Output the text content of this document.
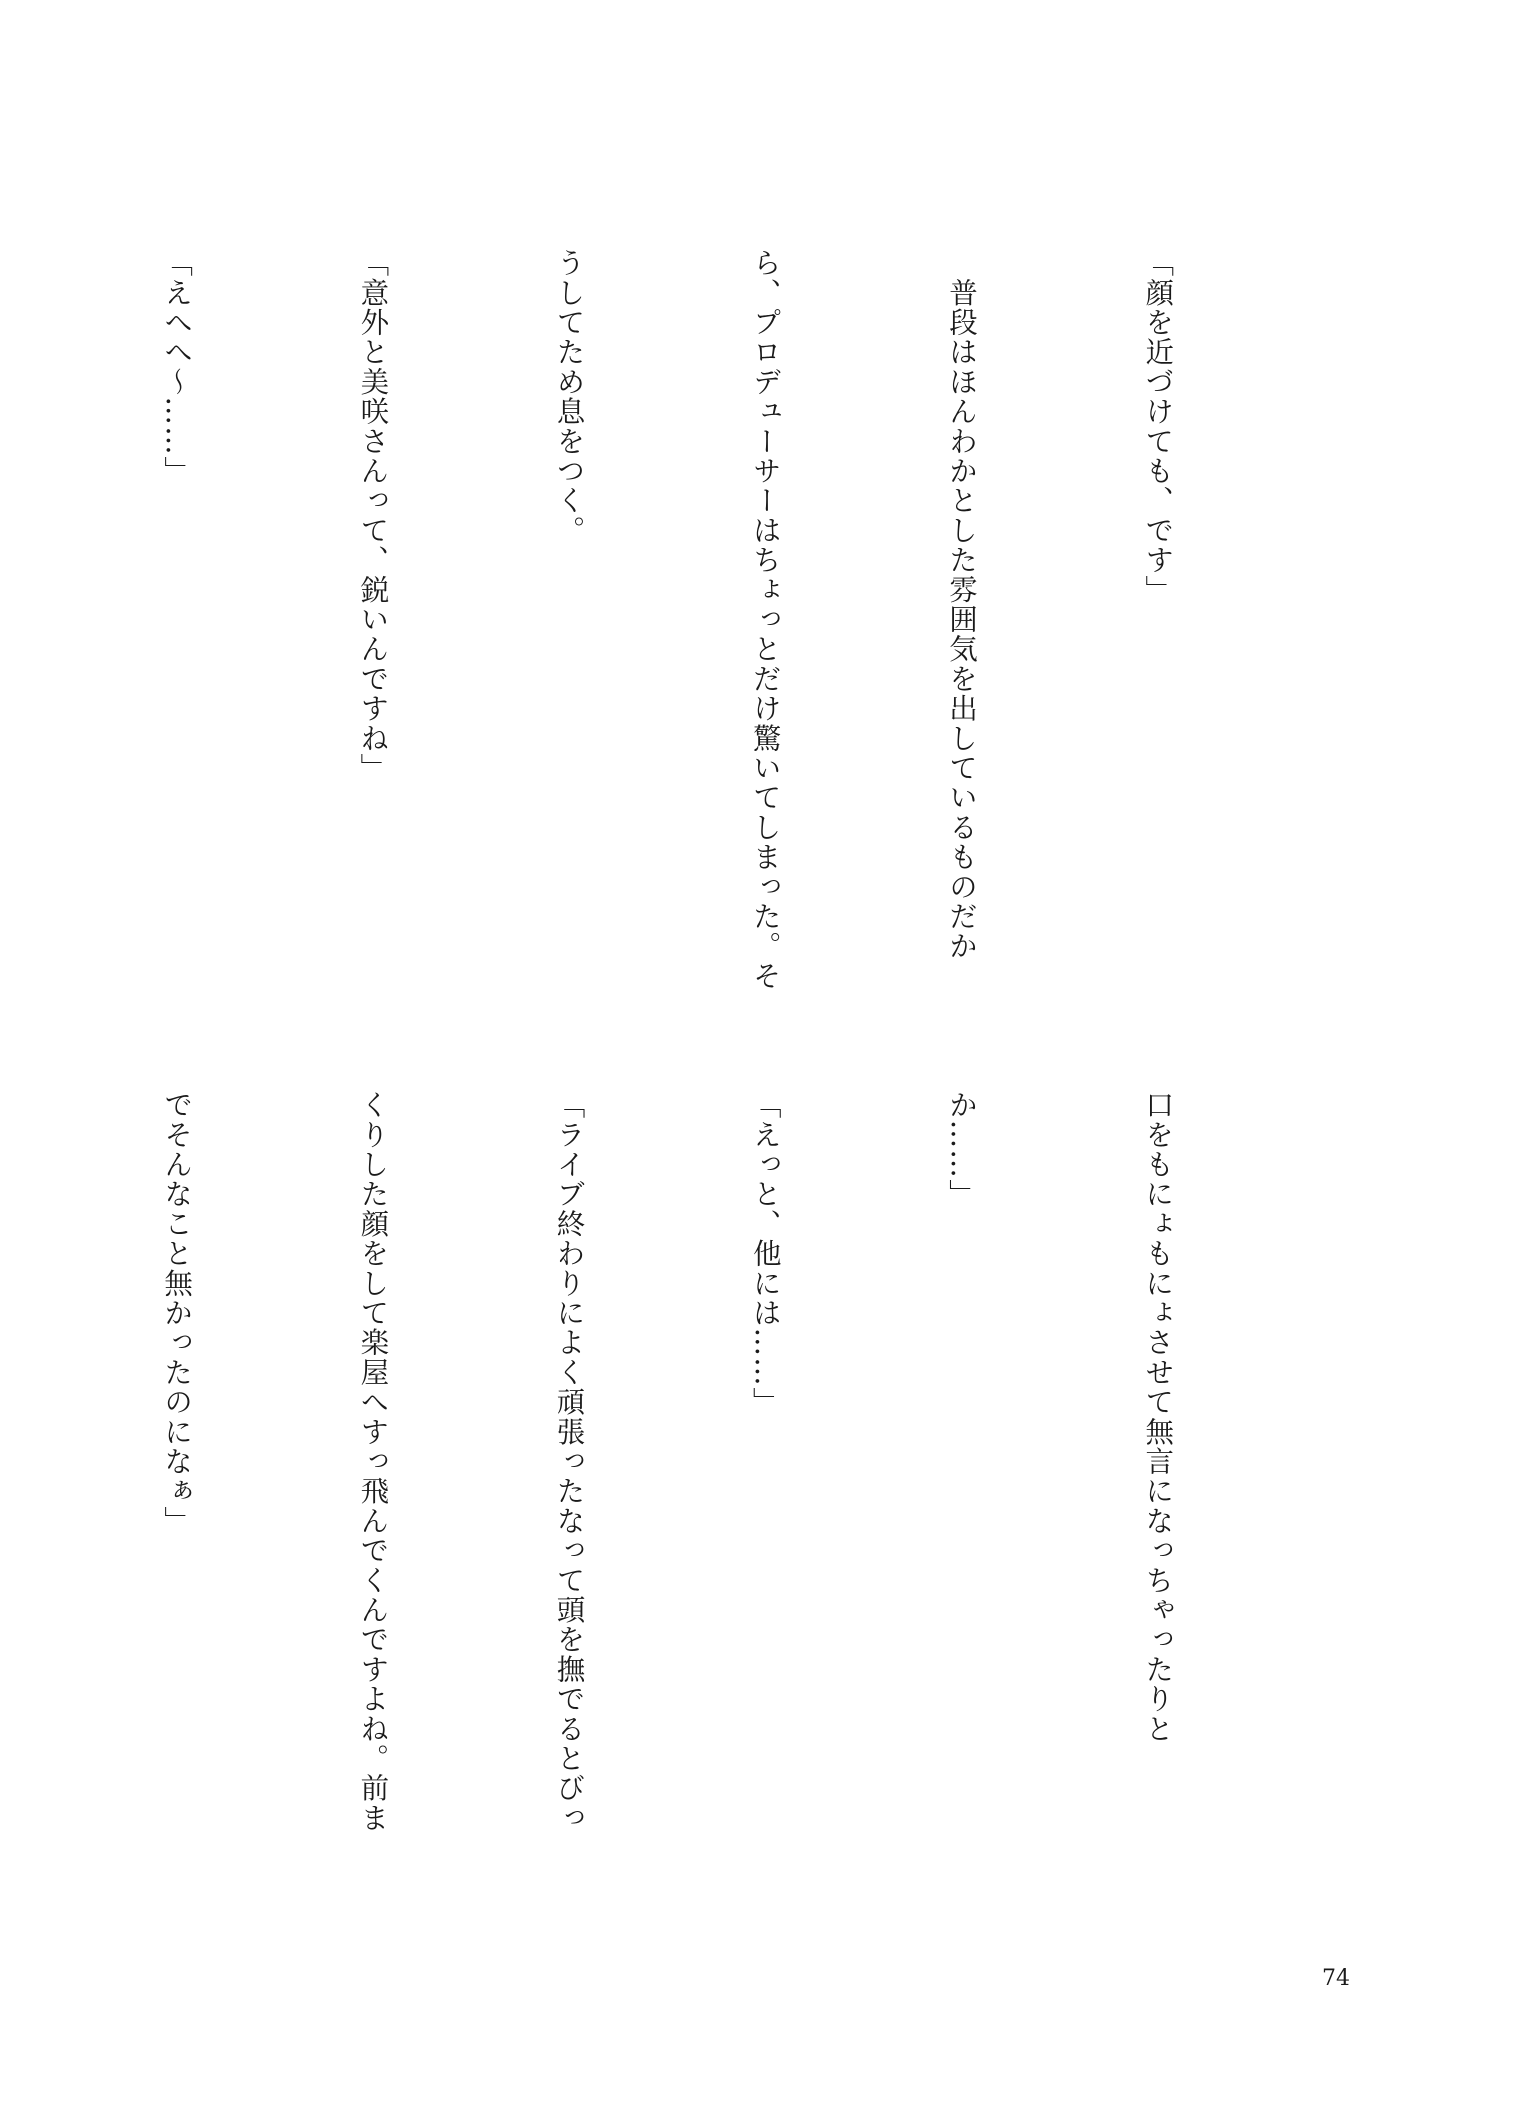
「顔を近づけても、です」

　普段はほんわかとした雰囲気を出しているものだか

ら、プロデューサーはちょっとだけ驚いてしまった。そ

うしてため息をつく。

「意外と美咲さんって、鋭いんですね」

「えへへ〜……」

口をもにょもにょさせて無言になっちゃったりと

か……」

「えっと、他には……」

「ライブ終わりによく頑張ったなって頭を撫でるとびっ

くりした顔をして楽屋へすっ飛んでくんですよね。前ま

でそんなこと無かったのになぁ」

74
